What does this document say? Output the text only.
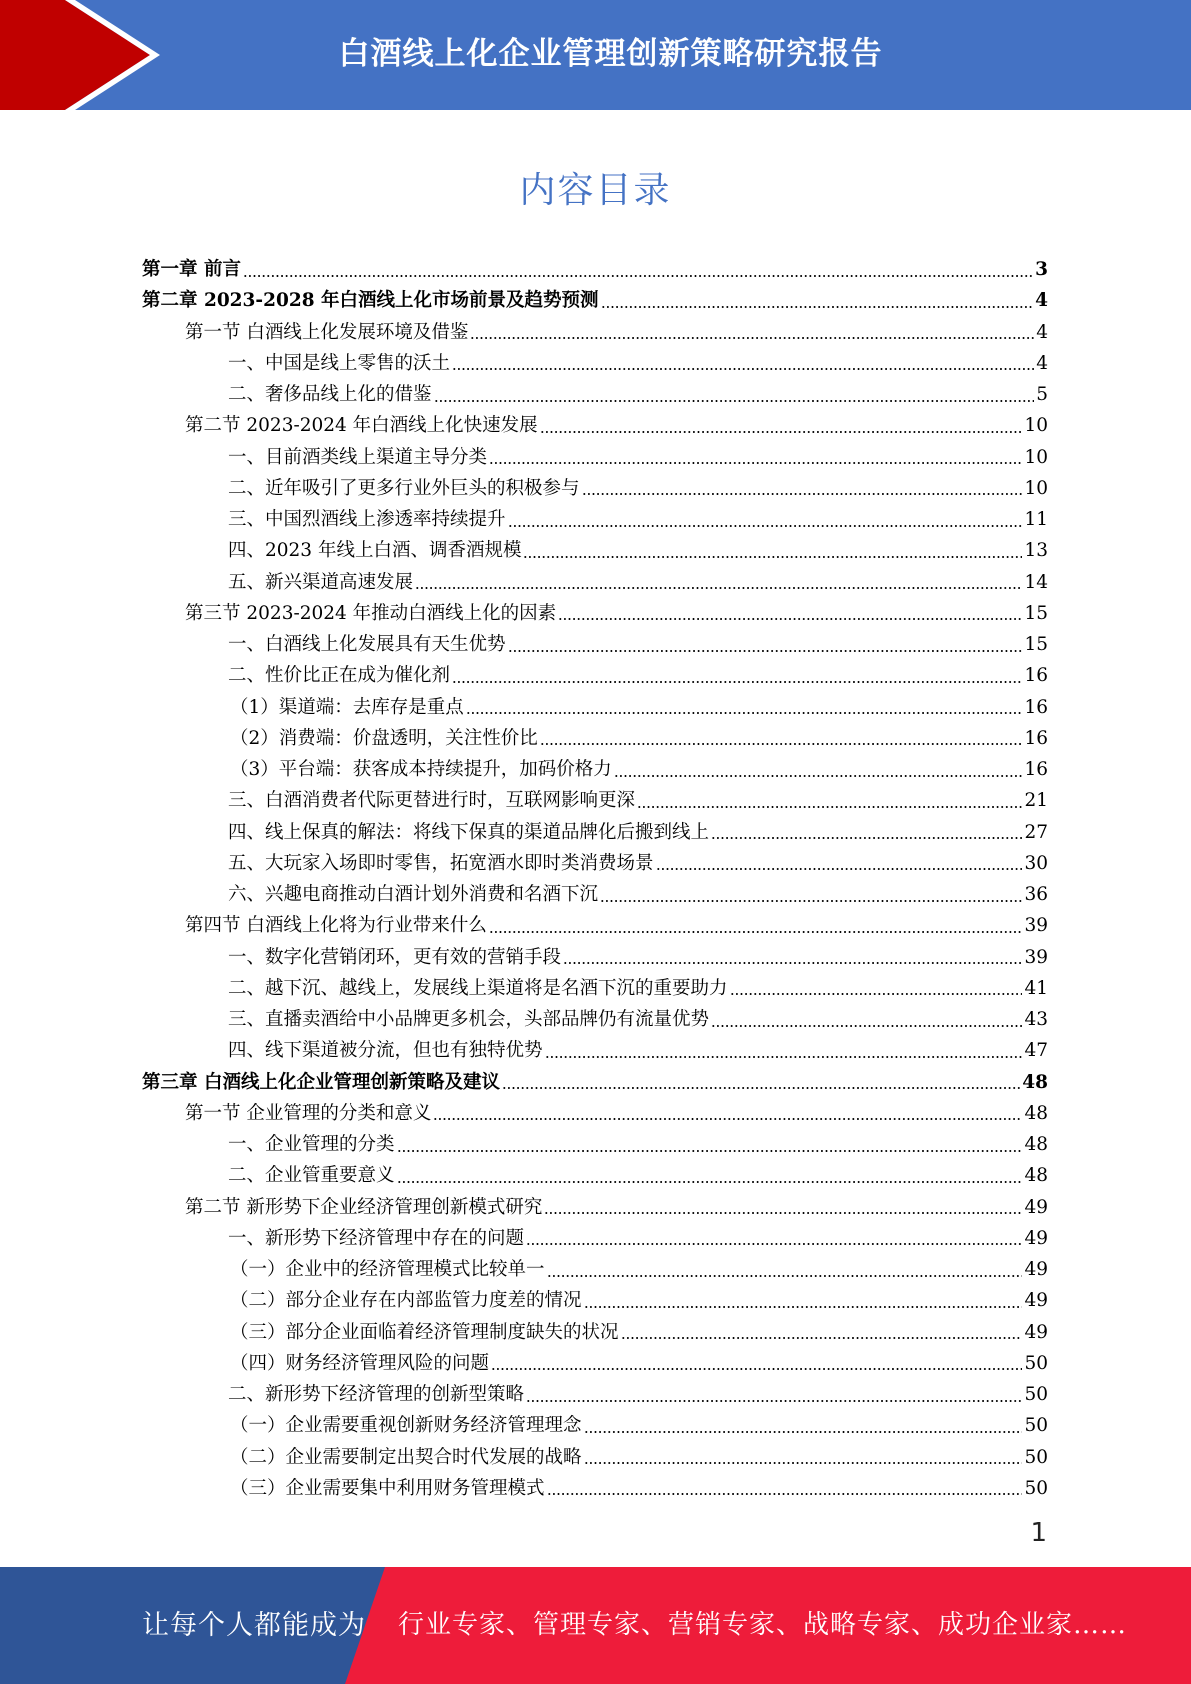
白酒线上化企业管理创新策略研究报告
内容目录
第一章 前言	3
第二章 2023-2028 年白酒线上化市场前景及趋势预测	4
第一节 白酒线上化发展环境及借鉴	4
一、中国是线上零售的沃土	4
二、奢侈品线上化的借鉴	5
第二节 2023-2024 年白酒线上化快速发展	10
一、目前酒类线上渠道主导分类	10
二、近年吸引了更多行业外巨头的积极参与	10
三、中国烈酒线上渗透率持续提升	11
四、2023 年线上白酒、调香酒规模	13
五、新兴渠道高速发展	14
第三节 2023-2024 年推动白酒线上化的因素	15
一、白酒线上化发展具有天生优势	15
二、性价比正在成为催化剂	16
（1）渠道端：去库存是重点	16
（2）消费端：价盘透明，关注性价比	16
（3）平台端：获客成本持续提升，加码价格力	16
三、白酒消费者代际更替进行时，互联网影响更深	21
四、线上保真的解法：将线下保真的渠道品牌化后搬到线上	27
五、大玩家入场即时零售，拓宽酒水即时类消费场景	30
六、兴趣电商推动白酒计划外消费和名酒下沉	36
第四节 白酒线上化将为行业带来什么	39
一、数字化营销闭环，更有效的营销手段	39
二、越下沉、越线上，发展线上渠道将是名酒下沉的重要助力	41
三、直播卖酒给中小品牌更多机会，头部品牌仍有流量优势	43
四、线下渠道被分流，但也有独特优势	47
第三章 白酒线上化企业管理创新策略及建议	48
第一节 企业管理的分类和意义	48
一、企业管理的分类	48
二、企业管重要意义	48
第二节 新形势下企业经济管理创新模式研究	49
一、新形势下经济管理中存在的问题	49
（一）企业中的经济管理模式比较单一	49
（二）部分企业存在内部监管力度差的情况	49
（三）部分企业面临着经济管理制度缺失的状况	49
（四）财务经济管理风险的问题	50
二、新形势下经济管理的创新型策略	50
（一）企业需要重视创新财务经济管理理念	50
（二）企业需要制定出契合时代发展的战略	50
（三）企业需要集中利用财务管理模式	50
1
让每个人都能成为 行业专家、管理专家、营销专家、战略专家、成功企业家……
